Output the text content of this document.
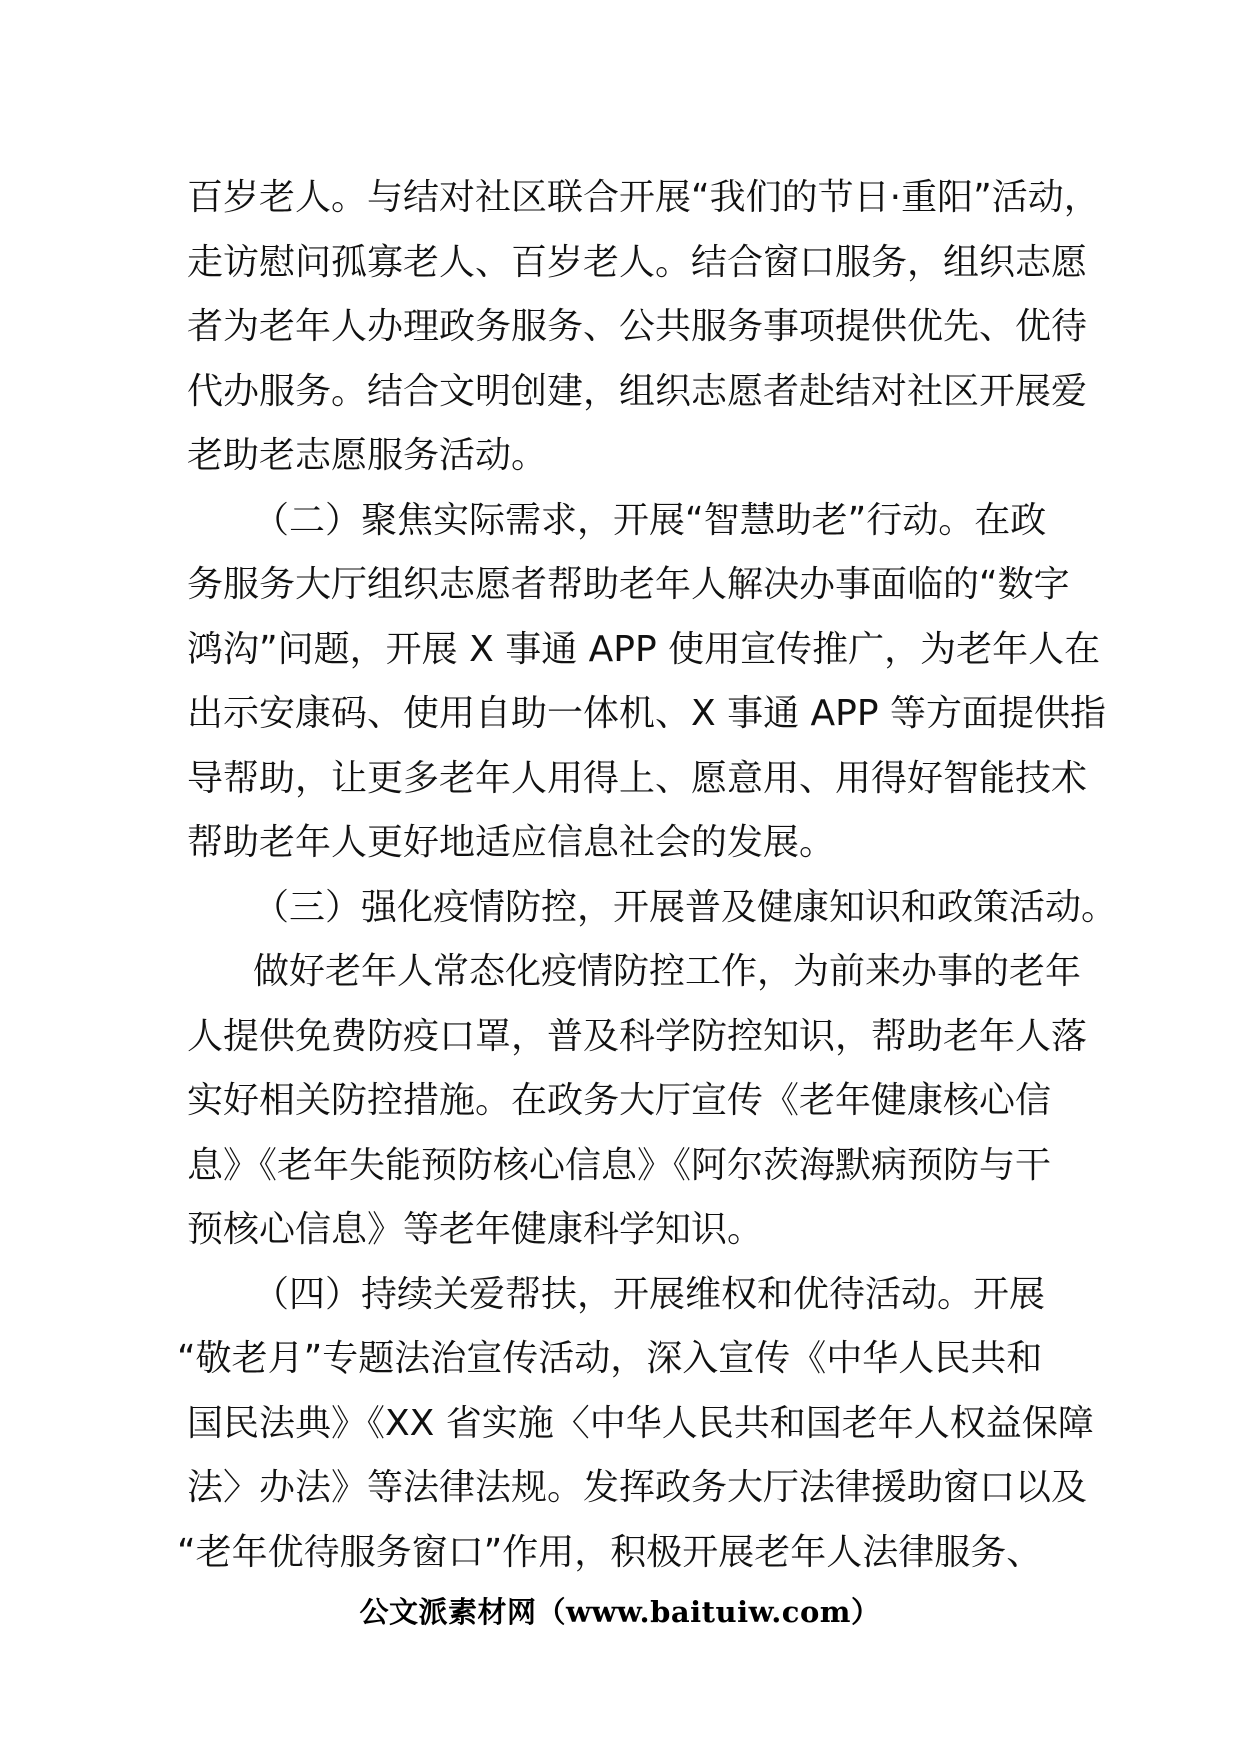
百岁老人。与结对社区联合开展“我们的节日·重阳”活动，
走访慰问孤寡老人、百岁老人。结合窗口服务，组织志愿
者为老年人办理政务服务、公共服务事项提供优先、优待
代办服务。结合文明创建，组织志愿者赴结对社区开展爱
老助老志愿服务活动。
（二）聚焦实际需求，开展“智慧助老”行动。在政
务服务大厅组织志愿者帮助老年人解决办事面临的“数字
鸿沟”问题，开展 X 事通 APP 使用宣传推广，为老年人在
出示安康码、使用自助一体机、X 事通 APP 等方面提供指
导帮助，让更多老年人用得上、愿意用、用得好智能技术
帮助老年人更好地适应信息社会的发展。
（三）强化疫情防控，开展普及健康知识和政策活动。
做好老年人常态化疫情防控工作，为前来办事的老年
人提供免费防疫口罩，普及科学防控知识，帮助老年人落
实好相关防控措施。在政务大厅宣传《老年健康核心信
息》《老年失能预防核心信息》《阿尔茨海默病预防与干
预核心信息》等老年健康科学知识。
（四）持续关爱帮扶，开展维权和优待活动。开展
“敬老月”专题法治宣传活动，深入宣传《中华人民共和
国民法典》《XX 省实施〈中华人民共和国老年人权益保障
法〉办法》等法律法规。发挥政务大厅法律援助窗口以及
“老年优待服务窗口”作用，积极开展老年人法律服务、
公文派素材网（www.baituiw.com）
